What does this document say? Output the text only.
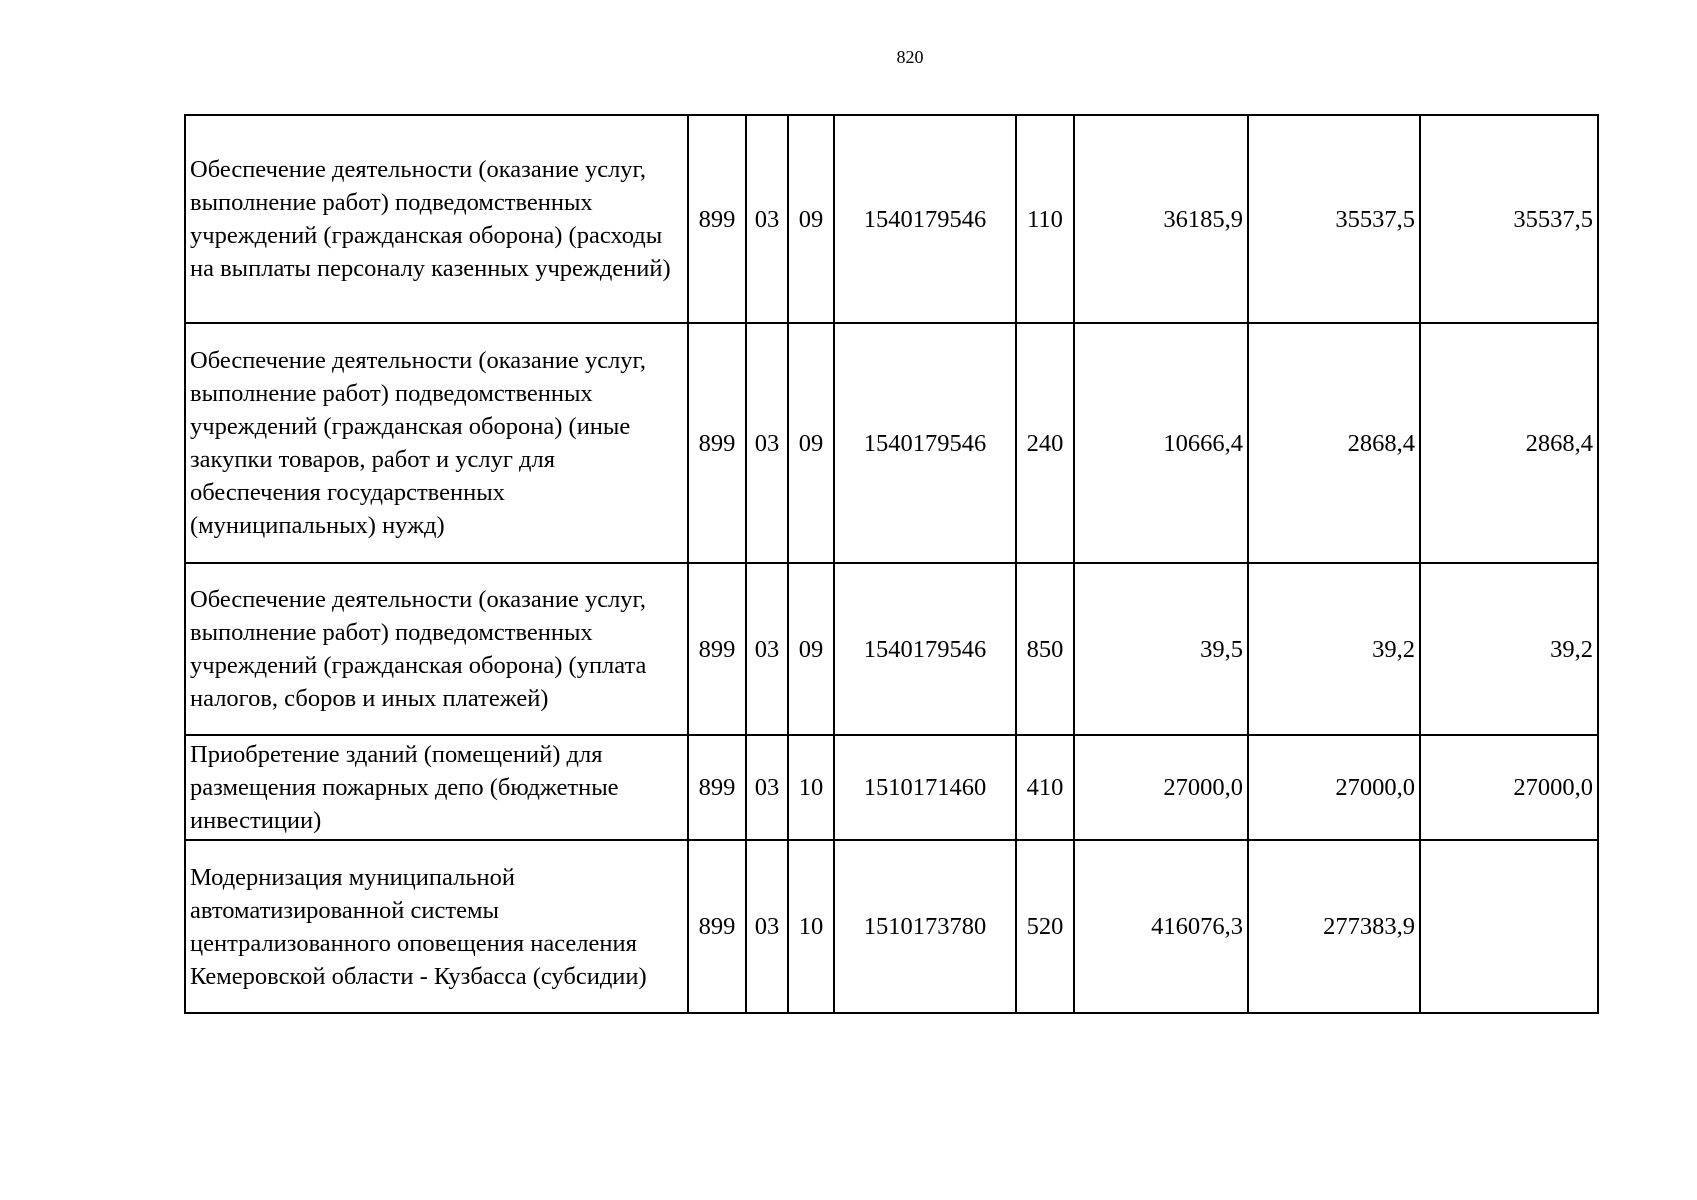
820
Обеспечение деятельности (оказание услуг, выполнение работ) подведомственных учреждений (гражданская оборона) (расходы на выплаты персоналу казенных учреждений)	899	03	09	1540179546	110	36185,9	35537,5	35537,5
Обеспечение деятельности (оказание услуг, выполнение работ) подведомственных учреждений (гражданская оборона) (иные закупки товаров, работ и услуг для обеспечения государственных (муниципальных) нужд)	899	03	09	1540179546	240	10666,4	2868,4	2868,4
Обеспечение деятельности (оказание услуг, выполнение работ) подведомственных учреждений (гражданская оборона) (уплата налогов, сборов и иных платежей)	899	03	09	1540179546	850	39,5	39,2	39,2
Приобретение зданий (помещений) для размещения пожарных депо (бюджетные инвестиции)	899	03	10	1510171460	410	27000,0	27000,0	27000,0
Модернизация муниципальной автоматизированной системы централизованного оповещения населения Кемеровской области - Кузбасса (субсидии)	899	03	10	1510173780	520	416076,3	277383,9	
